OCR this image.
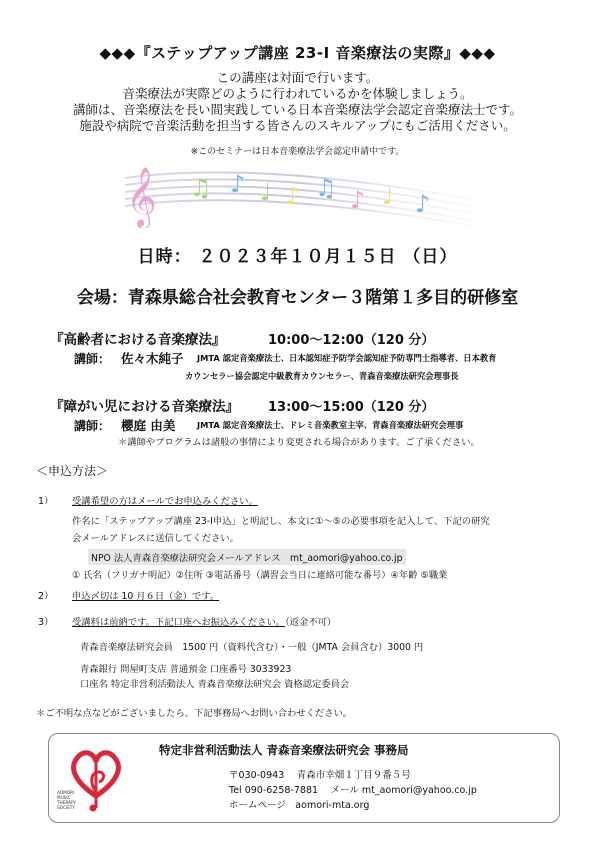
◆◆◆『ステップアップ講座 23-Ⅰ 音楽療法の実際』◆◆◆
この講座は対面で行います。
音楽療法が実際どのように行われているかを体験しましょう。
講師は、音楽療法を長い間実践している日本音楽療法学会認定音楽療法士です。
施設や病院で音楽活動を担当する皆さんのスキルアップにもご活用ください。
※このセミナーは日本音楽療法学会認定申請中です。
𝄞 ♫ ♪ ♩ ♪ ♫ ♪ ♩ ♪
日時： ２０２３年１０月１５日 （日）
会場：青森県総合社会教育センター３階第１多目的研修室
『高齢者における音楽療法』	10:00～12:00（120 分）
講師： 佐々木純子 JMTA 認定音楽療法士、日本認知症予防学会認知症予防専門士指導者、日本教育
カウンセラー協会認定中級教育カウンセラー、青森音楽療法研究会理事長
『障がい児における音楽療法』 13:00～15:00（120 分）
講師： 櫻庭 由美	JMTA 認定音楽療法士、ドレミ音楽教室主宰、青森音楽療法研究会理事
＊講師やプログラムは諸般の事情により変更される場合があります。ご了承ください。
＜申込方法＞
1） 受講希望の方はメールでお申込みください。
件名に「ステップアップ講座 23-Ⅰ申込」と明記し、本文に①～⑤の必要事項を記入して、下記の研究
会メールアドレスに送信してください。
NPO 法人青森音楽療法研究会メールアドレス　mt_aomori@yahoo.co.jp
① 氏名（フリガナ明記）②住所 ③電話番号（講習会当日に連絡可能な番号）④年齢 ⑤職業
2） 申込〆切は 10 月６日（金）です。
3） 受講料は前納です。下記口座へお振込みください。（返金不可）
青森音楽療法研究会員　1500 円（資料代含む）・一般（JMTA 会員含む）3000 円
青森銀行 問屋町支店 普通預金 口座番号 3033923
口座名 特定非営利活動法人 青森音楽療法研究会 資格認定委員会
＊ご不明な点などがございましたら、下記事務局へお問い合わせください。
AOMORI MUSIC THERAPY SOCIETY
特定非営利活動法人 青森音楽療法研究会 事務局
〒030-0943　 青森市幸畑１丁目９番５号
Tel 090-6258-7881　 メール mt_aomori@yahoo.co.jp
ホームページ　aomori-mta.org
